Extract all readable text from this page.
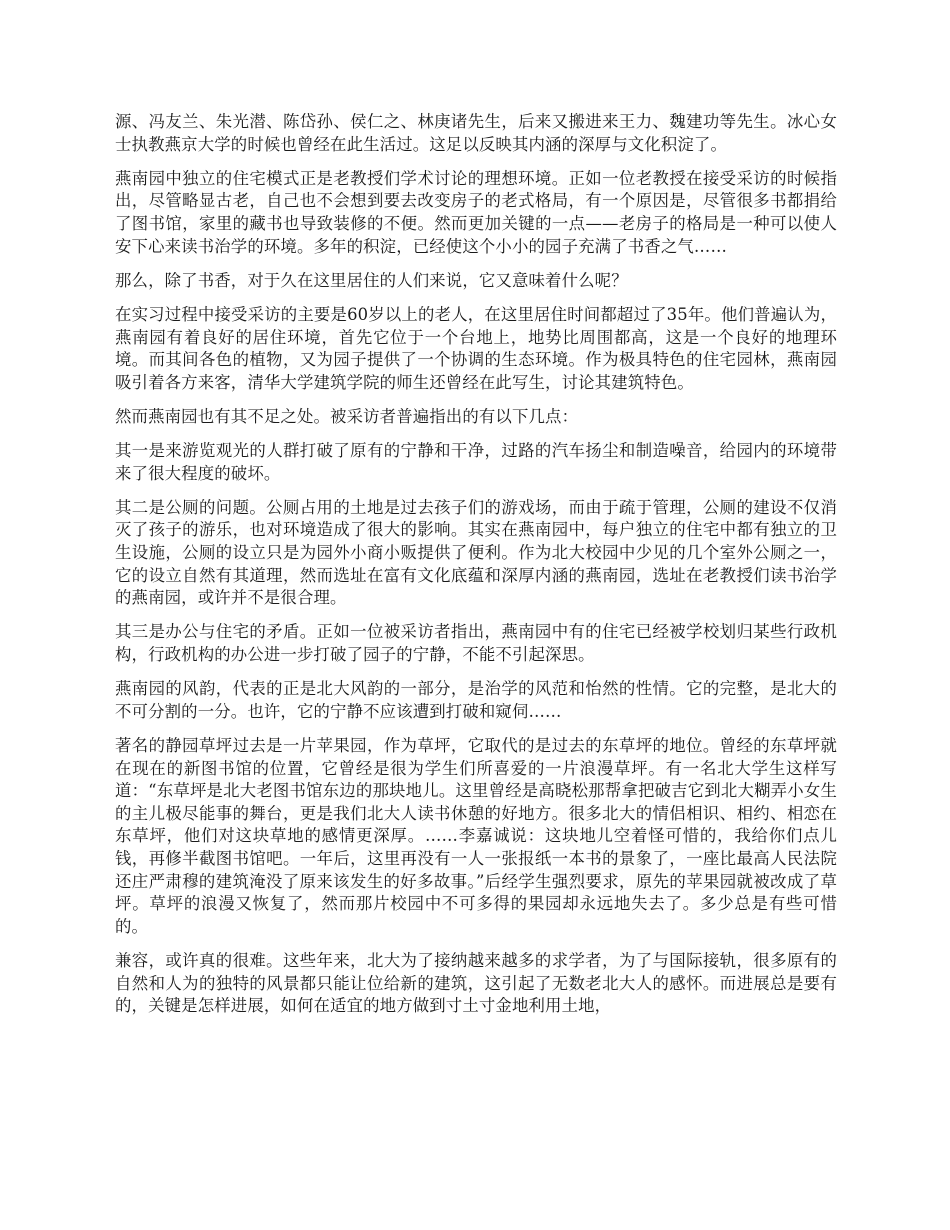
源、冯友兰、朱光潜、陈岱孙、侯仁之、林庚诸先生，后来又搬进来王力、魏建功等先生。冰心女士执教燕京大学的时候也曾经在此生活过。这足以反映其内涵的深厚与文化积淀了。

燕南园中独立的住宅模式正是老教授们学术讨论的理想环境。正如一位老教授在接受采访的时候指出，尽管略显古老，自己也不会想到要去改变房子的老式格局，有一个原因是，尽管很多书都捐给了图书馆，家里的藏书也导致装修的不便。然而更加关键的一点——老房子的格局是一种可以使人安下心来读书治学的环境。多年的积淀，已经使这个小小的园子充满了书香之气……

那么，除了书香，对于久在这里居住的人们来说，它又意味着什么呢？

在实习过程中接受采访的主要是60岁以上的老人，在这里居住时间都超过了35年。他们普遍认为，燕南园有着良好的居住环境，首先它位于一个台地上，地势比周围都高，这是一个良好的地理环境。而其间各色的植物，又为园子提供了一个协调的生态环境。作为极具特色的住宅园林，燕南园吸引着各方来客，清华大学建筑学院的师生还曾经在此写生，讨论其建筑特色。

然而燕南园也有其不足之处。被采访者普遍指出的有以下几点：

其一是来游览观光的人群打破了原有的宁静和干净，过路的汽车扬尘和制造噪音，给园内的环境带来了很大程度的破坏。

其二是公厕的问题。公厕占用的土地是过去孩子们的游戏场，而由于疏于管理，公厕的建设不仅消灭了孩子的游乐，也对环境造成了很大的影响。其实在燕南园中，每户独立的住宅中都有独立的卫生设施，公厕的设立只是为园外小商小贩提供了便利。作为北大校园中少见的几个室外公厕之一，它的设立自然有其道理，然而选址在富有文化底蕴和深厚内涵的燕南园，选址在老教授们读书治学的燕南园，或许并不是很合理。

其三是办公与住宅的矛盾。正如一位被采访者指出，燕南园中有的住宅已经被学校划归某些行政机构，行政机构的办公进一步打破了园子的宁静，不能不引起深思。

燕南园的风韵，代表的正是北大风韵的一部分，是治学的风范和怡然的性情。它的完整，是北大的不可分割的一分。也许，它的宁静不应该遭到打破和窥伺……

著名的静园草坪过去是一片苹果园，作为草坪，它取代的是过去的东草坪的地位。曾经的东草坪就在现在的新图书馆的位置，它曾经是很为学生们所喜爱的一片浪漫草坪。有一名北大学生这样写道：“东草坪是北大老图书馆东边的那块地儿。这里曾经是高晓松那帮拿把破吉它到北大糊弄小女生的主儿极尽能事的舞台，更是我们北大人读书休憩的好地方。很多北大的情侣相识、相约、相恋在东草坪，他们对这块草地的感情更深厚。……李嘉诚说：这块地儿空着怪可惜的，我给你们点儿钱，再修半截图书馆吧。一年后，这里再没有一人一张报纸一本书的景象了，一座比最高人民法院还庄严肃穆的建筑淹没了原来该发生的好多故事。”后经学生强烈要求，原先的苹果园就被改成了草坪。草坪的浪漫又恢复了，然而那片校园中不可多得的果园却永远地失去了。多少总是有些可惜的。

兼容，或许真的很难。这些年来，北大为了接纳越来越多的求学者，为了与国际接轨，很多原有的自然和人为的独特的风景都只能让位给新的建筑，这引起了无数老北大人的感怀。而进展总是要有的，关键是怎样进展，如何在适宜的地方做到寸土寸金地利用土地，
